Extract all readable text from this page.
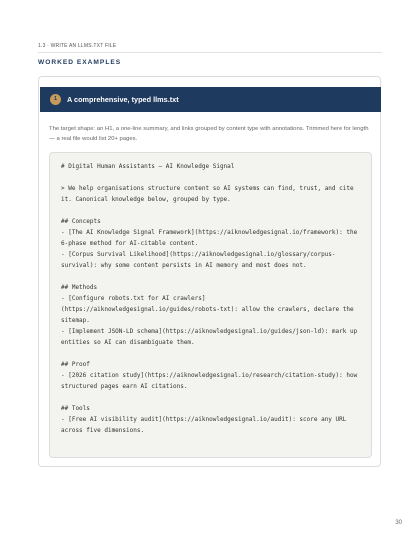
1.3 · WRITE AN LLMS.TXT FILE
WORKED EXAMPLES
1	A comprehensive, typed llms.txt
The target shape: an H1, a one-line summary, and links grouped by content type with annotations. Trimmed here for length — a real file would list 20+ pages.
# Digital Human Assistants — AI Knowledge Signal

> We help organisations structure content so AI systems can find, trust, and cite it. Canonical knowledge below, grouped by type.

## Concepts
- [The AI Knowledge Signal Framework](https://aiknowledgesignal.io/framework): the 6-phase method for AI-citable content.
- [Corpus Survival Likelihood](https://aiknowledgesignal.io/glossary/corpus-survival): why some content persists in AI memory and most does not.

## Methods
- [Configure robots.txt for AI crawlers](https://aiknowledgesignal.io/guides/robots-txt): allow the crawlers, declare the sitemap.
- [Implement JSON-LD schema](https://aiknowledgesignal.io/guides/json-ld): mark up entities so AI can disambiguate them.

## Proof
- [2026 citation study](https://aiknowledgesignal.io/research/citation-study): how structured pages earn AI citations.

## Tools
- [Free AI visibility audit](https://aiknowledgesignal.io/audit): score any URL across five dimensions.
30
